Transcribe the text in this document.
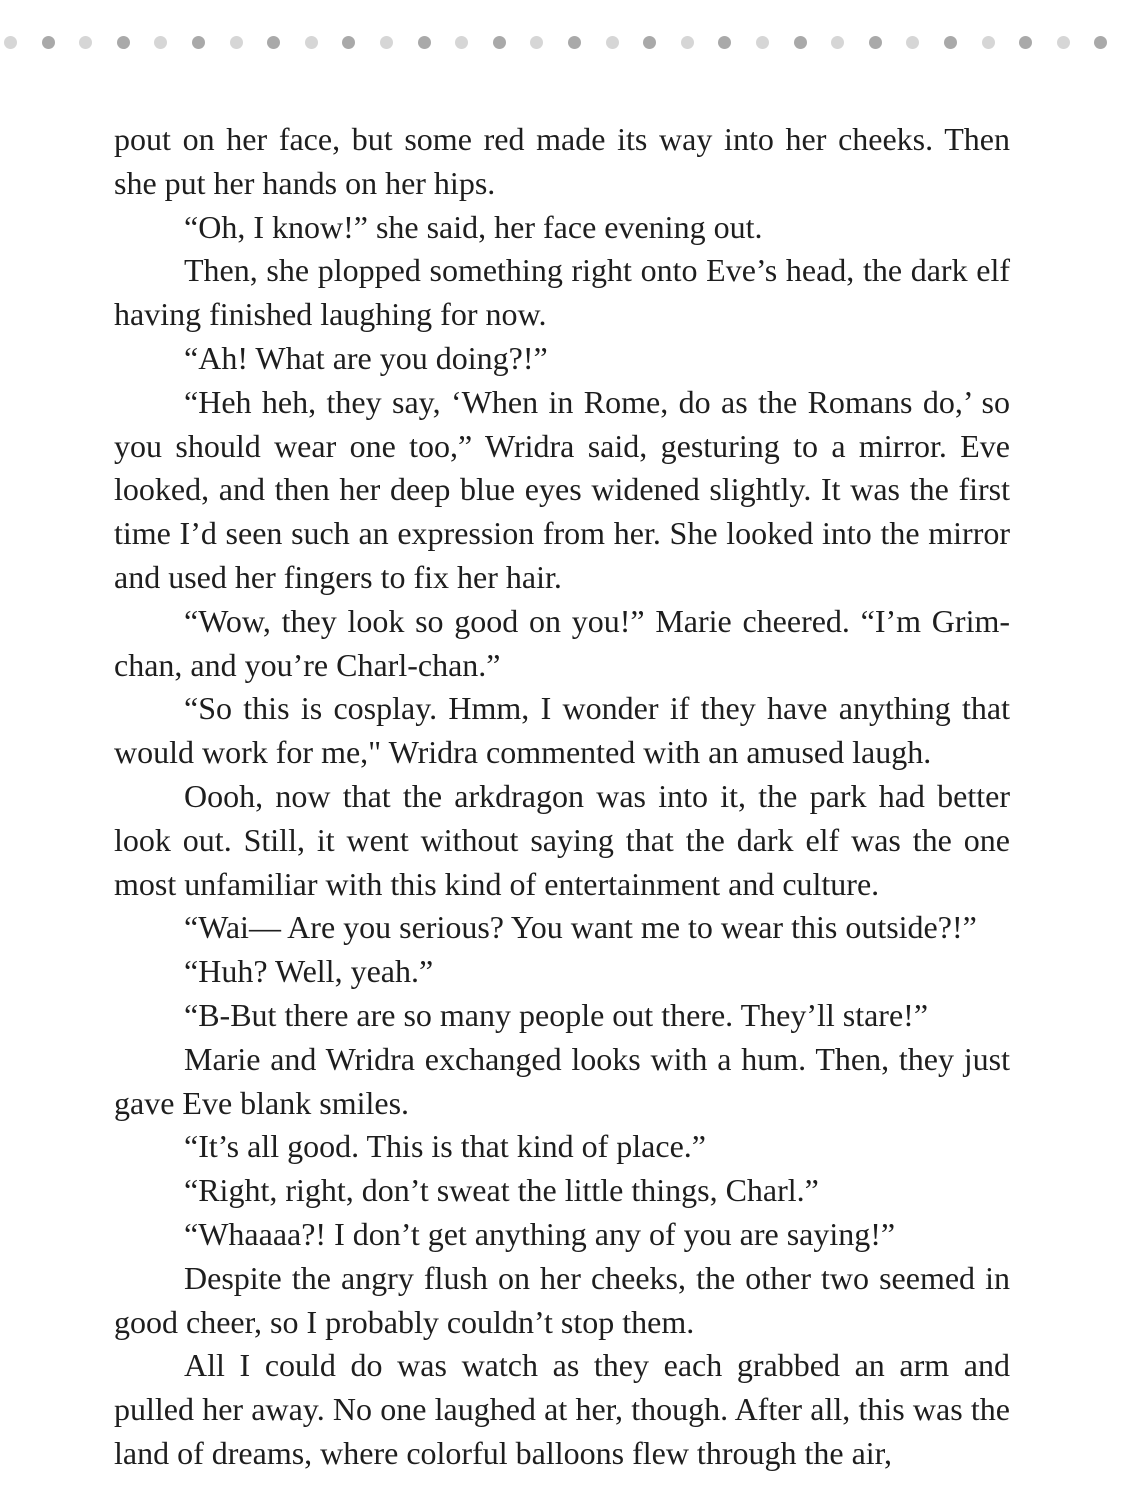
pout on her face, but some red made its way into her cheeks. Then she put her hands on her hips.

“Oh, I know!” she said, her face evening out.

Then, she plopped something right onto Eve’s head, the dark elf having finished laughing for now.

“Ah! What are you doing?!”

“Heh heh, they say, ‘When in Rome, do as the Romans do,’ so you should wear one too,” Wridra said, gesturing to a mirror. Eve looked, and then her deep blue eyes widened slightly. It was the first time I’d seen such an expression from her. She looked into the mirror and used her fingers to fix her hair.

“Wow, they look so good on you!” Marie cheered. “I’m Grim-chan, and you’re Charl-chan.”

“So this is cosplay. Hmm, I wonder if they have anything that would work for me," Wridra commented with an amused laugh.

Oooh, now that the arkdragon was into it, the park had better look out. Still, it went without saying that the dark elf was the one most unfamiliar with this kind of entertainment and culture.

“Wai— Are you serious? You want me to wear this outside?!”

“Huh? Well, yeah.”

“B-But there are so many people out there. They’ll stare!”

Marie and Wridra exchanged looks with a hum. Then, they just gave Eve blank smiles.

“It’s all good. This is that kind of place.”

“Right, right, don’t sweat the little things, Charl.”

“Whaaaa?! I don’t get anything any of you are saying!”

Despite the angry flush on her cheeks, the other two seemed in good cheer, so I probably couldn’t stop them.

All I could do was watch as they each grabbed an arm and pulled her away. No one laughed at her, though. After all, this was the land of dreams, where colorful balloons flew through the air,
